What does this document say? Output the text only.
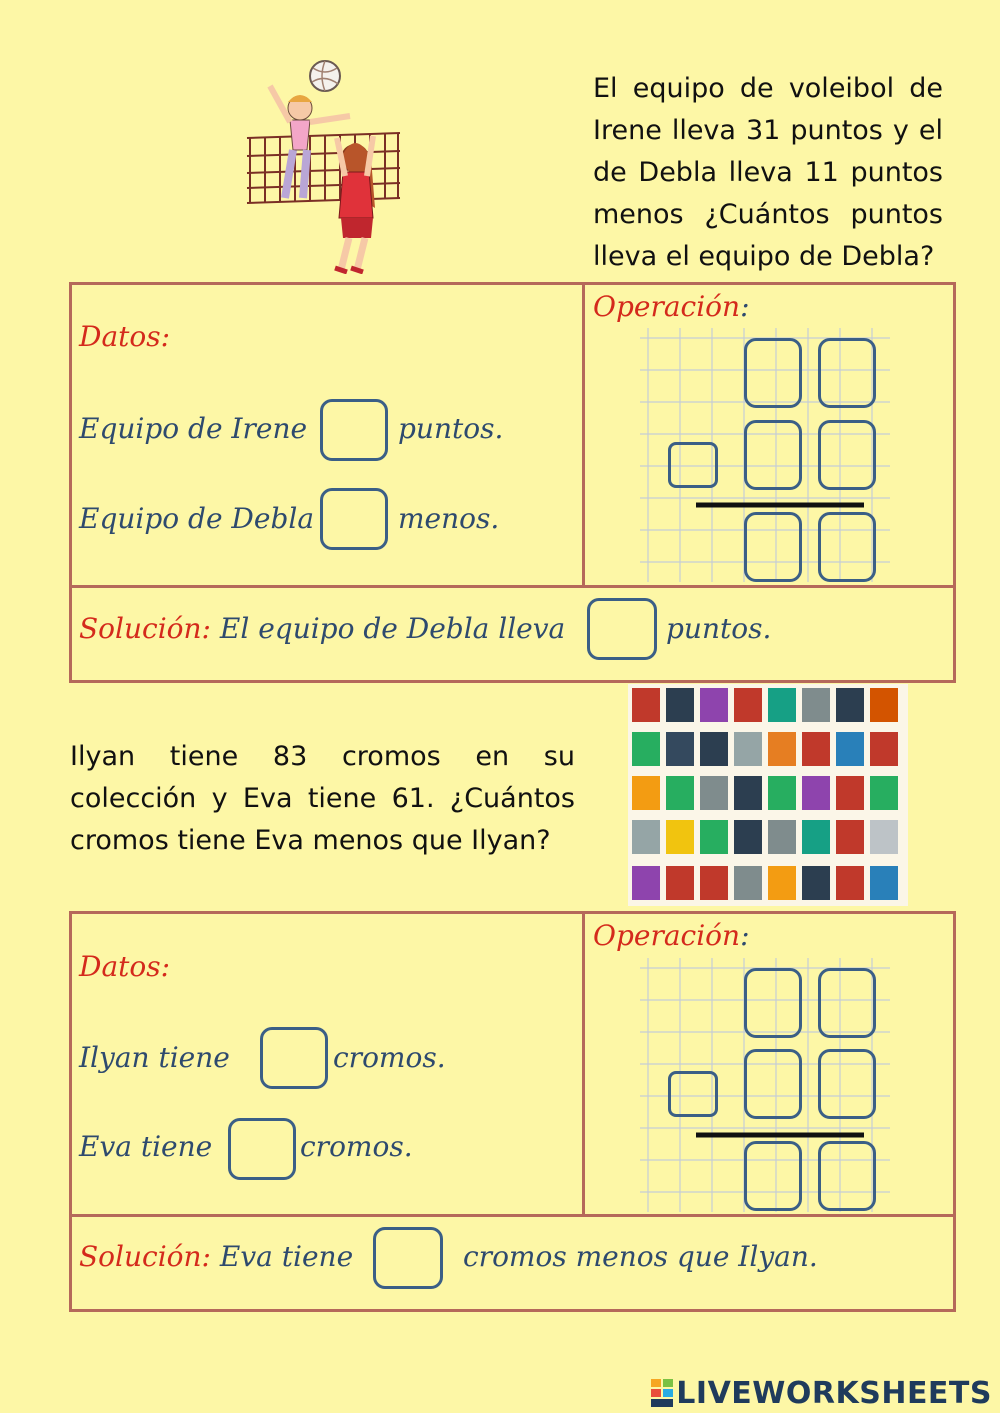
El equipo de voleibol de Irene lleva 31 puntos y el de Debla lleva 11 puntos menos ¿Cuántos puntos lleva el equipo de Debla?
Datos:
Equipo de Irene	puntos.
Equipo de Debla	menos.
Operación:
Solución: El equipo de Debla lleva	puntos.
Ilyan tiene 83 cromos en su colección y Eva tiene 61. ¿Cuántos cromos tiene Eva menos que Ilyan?
Datos:
Ilyan tiene	cromos.
Eva tiene	cromos.
Operación:
Solución: Eva tiene	cromos menos que Ilyan.
LIVEWORKSHEETS
